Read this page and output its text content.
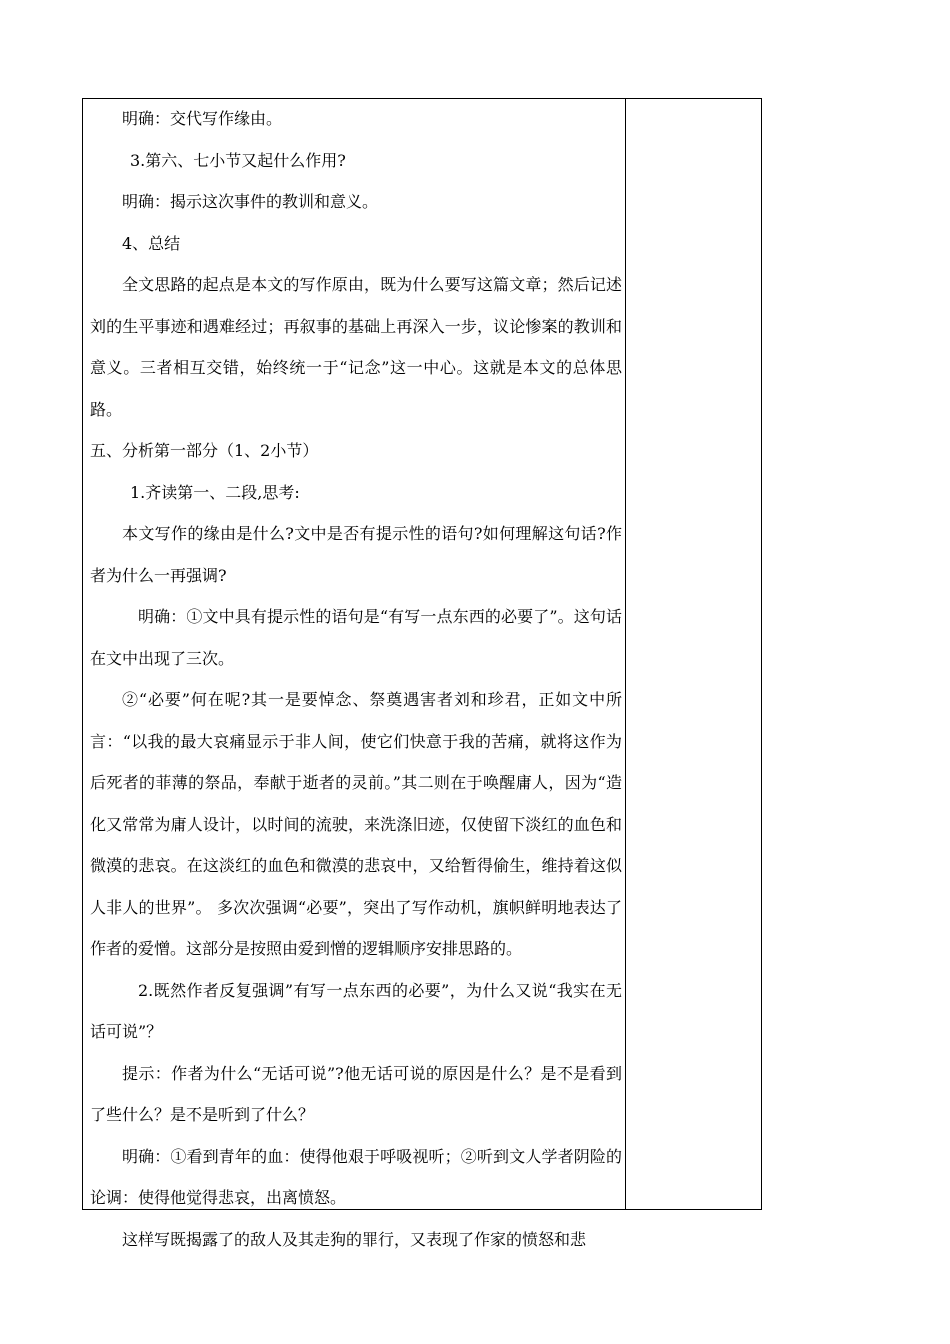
明确：交代写作缘由。

3.第六、七小节又起什么作用?

明确：揭示这次事件的教训和意义。

4、总结

全文思路的起点是本文的写作原由，既为什么要写这篇文章；然后记述刘的生平事迹和遇难经过；再叙事的基础上再深入一步，议论惨案的教训和意义。三者相互交错，始终统一于“记念”这一中心。这就是本文的总体思路。

五、分析第一部分（1、2小节）

1.齐读第一、二段,思考:

本文写作的缘由是什么?文中是否有提示性的语句?如何理解这句话?作者为什么一再强调?

明确：①文中具有提示性的语句是“有写一点东西的必要了”。这句话在文中出现了三次。

②“必要”何在呢?其一是要悼念、祭奠遇害者刘和珍君，正如文中所言：“以我的最大哀痛显示于非人间，使它们快意于我的苦痛，就将这作为后死者的菲薄的祭品，奉献于逝者的灵前。”其二则在于唤醒庸人，因为“造化又常常为庸人设计，以时间的流驶，来洗涤旧迹，仅使留下淡红的血色和微漠的悲哀。在这淡红的血色和微漠的悲哀中，又给暂得偷生，维持着这似人非人的世界”。 多次次强调“必要”，突出了写作动机，旗帜鲜明地表达了作者的爱憎。这部分是按照由爱到憎的逻辑顺序安排思路的。

2.既然作者反复强调”有写一点东西的必要”，为什么又说“我实在无话可说”？

提示：作者为什么“无话可说”?他无话可说的原因是什么？是不是看到了些什么？是不是听到了什么？

明确：①看到青年的血：使得他艰于呼吸视听；②听到文人学者阴险的论调：使得他觉得悲哀，出离愤怒。

这样写既揭露了的敌人及其走狗的罪行，又表现了作家的愤怒和悲
